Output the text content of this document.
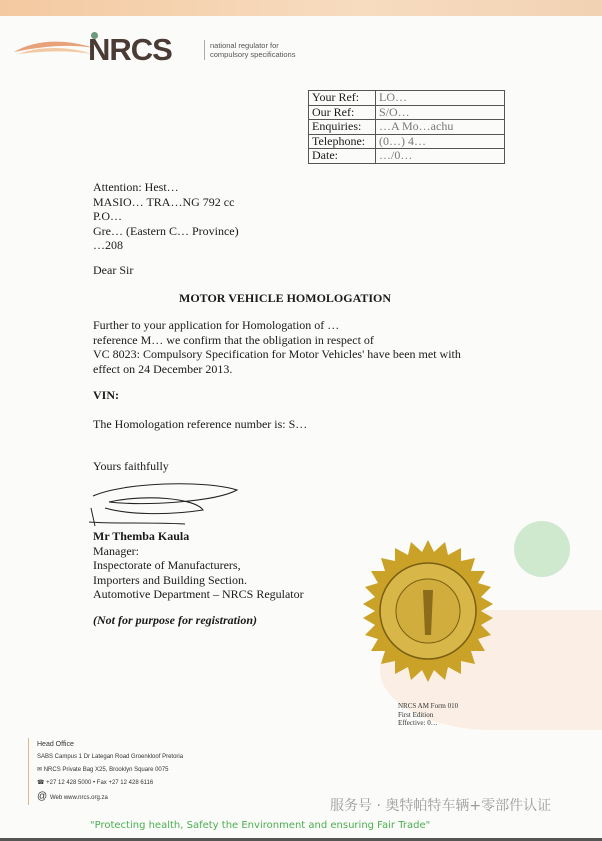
NRCS	national regulator for
compulsory specifications
Your Ref:	LO…
Our Ref:	S/O…
Enquiries:	…A Mo…achu
Telephone:	(0…) 4…
Date:	…/0…
Attention: Hest…
MASIO… TRA…NG 792 cc
P.O…
Gre… (Eastern C… Province)
…208
Dear Sir
MOTOR VEHICLE HOMOLOGATION
Further to your application for Homologation of …
reference M… we confirm that the obligation in respect of
VC 8023: Compulsory Specification for Motor Vehicles' have been met with
effect on 24 December 2013.
VIN:
The Homologation reference number is: S…
Yours faithfully
Mr Themba Kaula
Manager:
Inspectorate of Manufacturers,
Importers and Building Section.
Automotive Department – NRCS Regulator
(Not for purpose for registration)
NRCS AM Form 010
First Edition
Effective: 0…
Head Office
SABS Campus 1 Dr Lategan Road Groenkloof Pretoria
✉ NRCS Private Bag X25, Brooklyn Square 0075
☎ +27 12 428 5000 • Fax +27 12 428 6116
@ Web www.nrcs.org.za	服务号 · 奥特帕特车辆+零部件认证
"Protecting health, Safety the Environment and ensuring Fair Trade"
